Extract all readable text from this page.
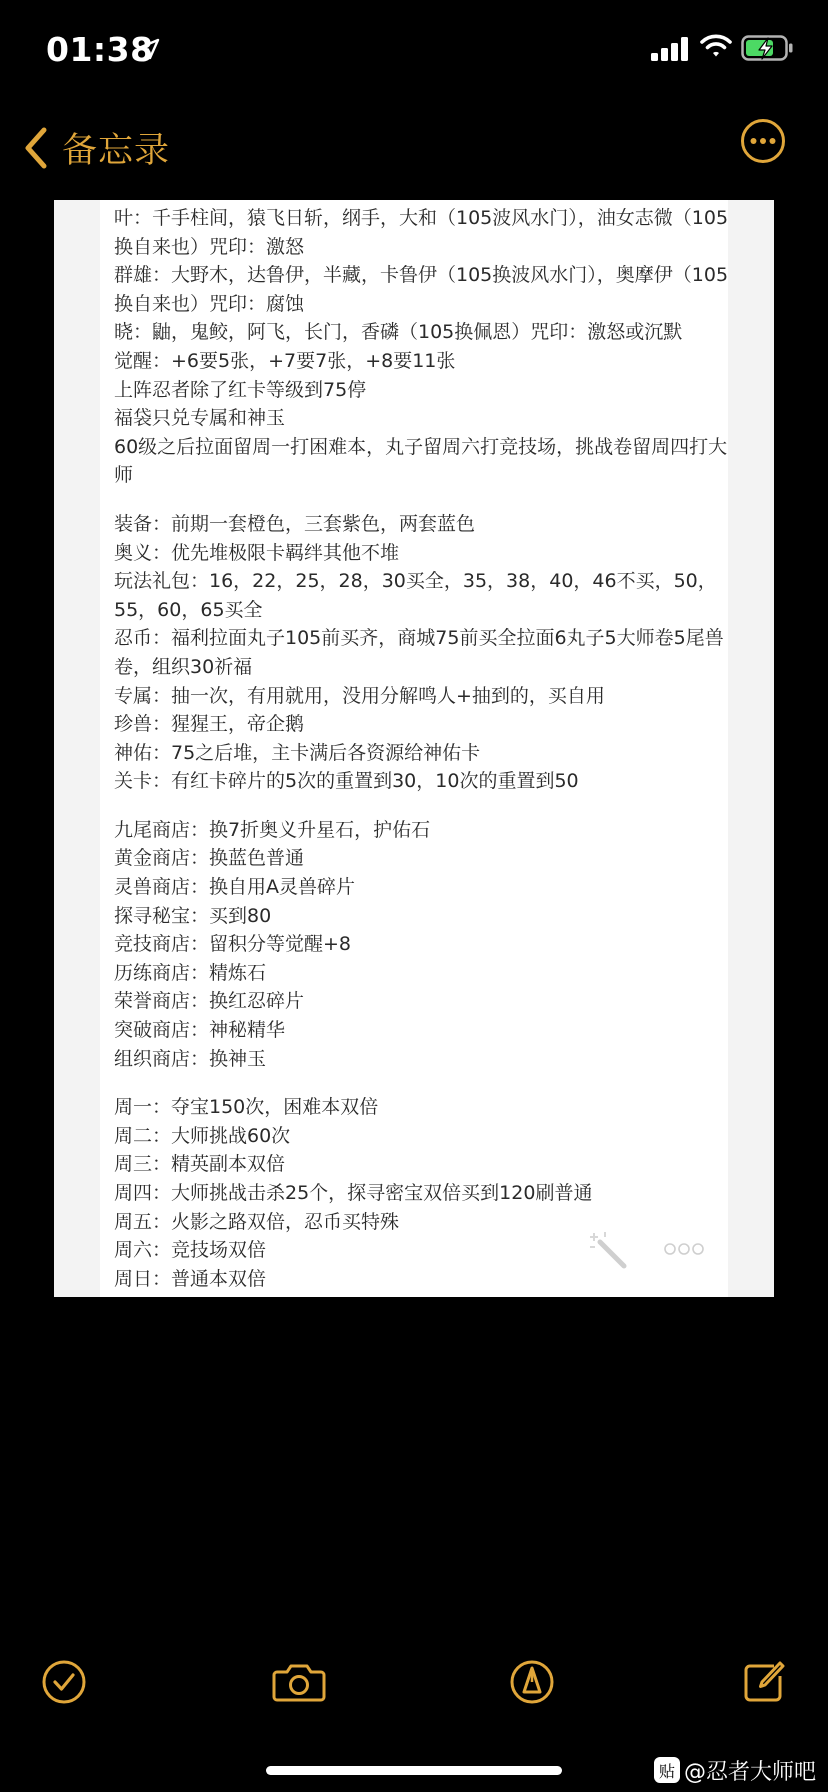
01:38
备忘录
叶：千手柱间，猿飞日斩，纲手，大和（105波风水门），油女志微（105换自来也）咒印：激怒
群雄：大野木，达鲁伊，半藏，卡鲁伊（105换波风水门），奥摩伊（105换自来也）咒印：腐蚀
晓：鼬，鬼鲛，阿飞，长门，香磷（105换佩恩）咒印：激怒或沉默
觉醒：+6要5张，+7要7张，+8要11张
上阵忍者除了红卡等级到75停
福袋只兑专属和神玉
60级之后拉面留周一打困难本，丸子留周六打竞技场，挑战卷留周四打大师
装备：前期一套橙色，三套紫色，两套蓝色
奥义：优先堆极限卡羁绊其他不堆
玩法礼包：16，22，25，28，30买全，35，38，40，46不买，50，55，60，65买全
忍币：福利拉面丸子105前买齐，商城75前买全拉面6丸子5大师卷5尾兽卷，组织30祈福
专属：抽一次，有用就用，没用分解鸣人+抽到的，买自用
珍兽：猩猩王，帝企鹅
神佑：75之后堆，主卡满后各资源给神佑卡
关卡：有红卡碎片的5次的重置到30，10次的重置到50
九尾商店：换7折奥义升星石，护佑石
黄金商店：换蓝色普通
灵兽商店：换自用A灵兽碎片
探寻秘宝：买到80
竞技商店：留积分等觉醒+8
历练商店：精炼石
荣誉商店：换红忍碎片
突破商店：神秘精华
组织商店：换神玉
周一：夺宝150次，困难本双倍
周二：大师挑战60次
周三：精英副本双倍
周四：大师挑战击杀25个，探寻密宝双倍买到120刷普通
周五：火影之路双倍，忍币买特殊
周六：竞技场双倍
周日：普通本双倍
贴 @忍者大师吧
